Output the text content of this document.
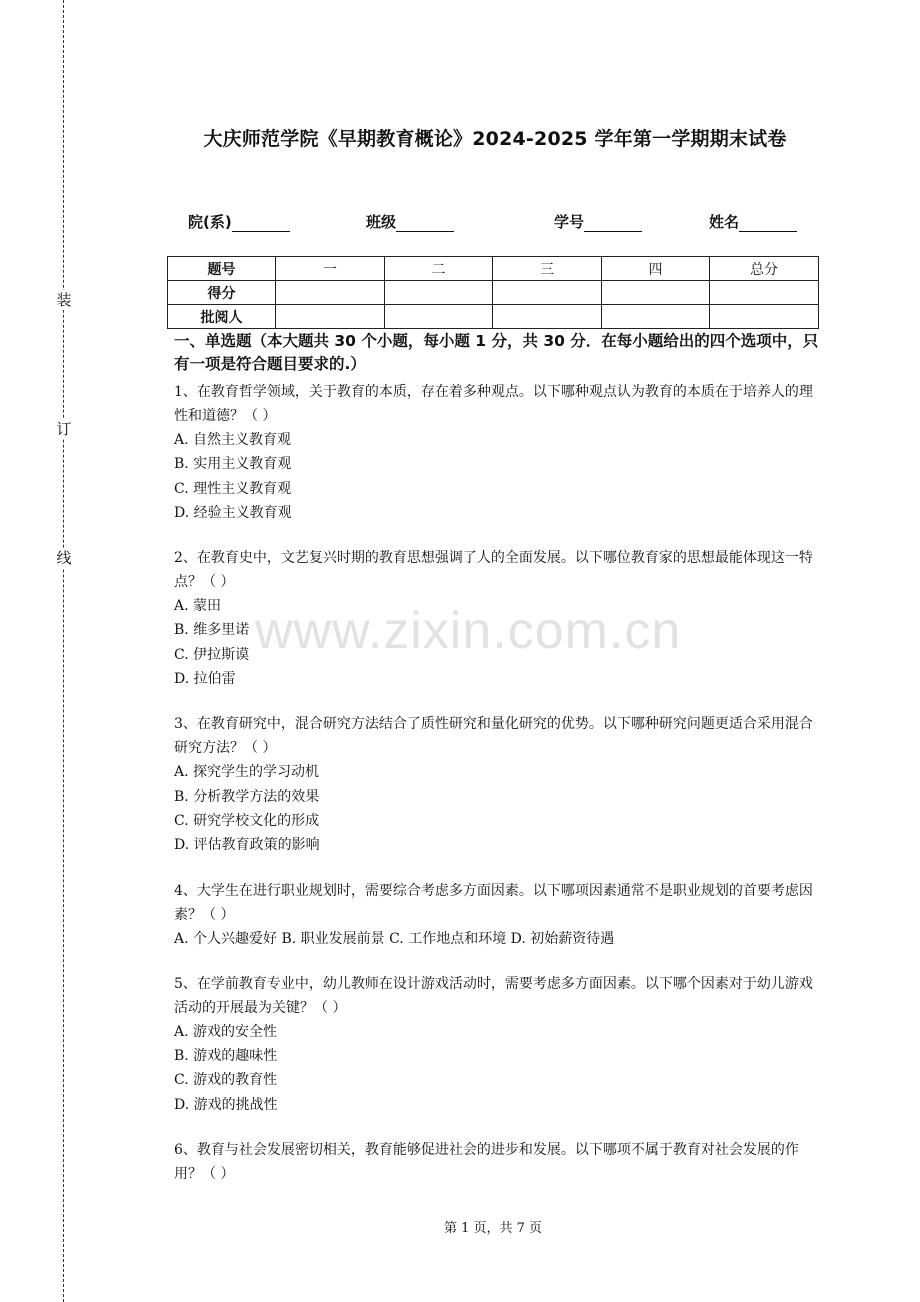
装
订
线
大庆师范学院《早期教育概论》2024-2025 学年第一学期期末试卷
院(系)	班级	学号	姓名
题号	一	二	三	四	总分
得分					
批阅人					
一、单选题（本大题共 30 个小题，每小题 1 分，共 30 分．在每小题给出的四个选项中，只有一项是符合题目要求的.）
1、在教育哲学领域，关于教育的本质，存在着多种观点。以下哪种观点认为教育的本质在于培养人的理性和道德？（ ）
A. 自然主义教育观
B. 实用主义教育观
C. 理性主义教育观
D. 经验主义教育观
2、在教育史中，文艺复兴时期的教育思想强调了人的全面发展。以下哪位教育家的思想最能体现这一特点？（ ）
A. 蒙田
B. 维多里诺
C. 伊拉斯谟
D. 拉伯雷
3、在教育研究中，混合研究方法结合了质性研究和量化研究的优势。以下哪种研究问题更适合采用混合研究方法？（ ）
A. 探究学生的学习动机
B. 分析教学方法的效果
C. 研究学校文化的形成
D. 评估教育政策的影响
4、大学生在进行职业规划时，需要综合考虑多方面因素。以下哪项因素通常不是职业规划的首要考虑因素？（ ）
A. 个人兴趣爱好 B. 职业发展前景 C. 工作地点和环境 D. 初始薪资待遇
5、在学前教育专业中，幼儿教师在设计游戏活动时，需要考虑多方面因素。以下哪个因素对于幼儿游戏活动的开展最为关键？（ ）
A. 游戏的安全性
B. 游戏的趣味性
C. 游戏的教育性
D. 游戏的挑战性
6、教育与社会发展密切相关，教育能够促进社会的进步和发展。以下哪项不属于教育对社会发展的作用？（ ）
www.zixin.com.cn
第 1 页，共 7 页
